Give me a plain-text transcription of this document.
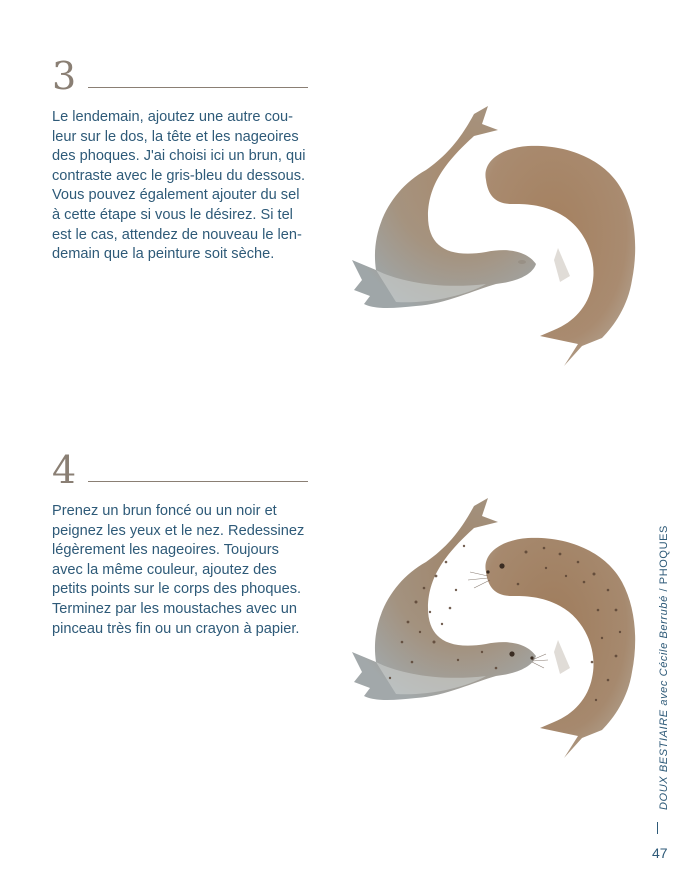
3
Le lendemain, ajoutez une autre cou-
leur sur le dos, la tête et les nageoires
des phoques. J'ai choisi ici un brun, qui
contraste avec le gris-bleu du dessous.
Vous pouvez également ajouter du sel
à cette étape si vous le désirez. Si tel
est le cas, attendez de nouveau le len-
demain que la peinture soit sèche.
4
Prenez un brun foncé ou un noir et
peignez les yeux et le nez. Redessinez
légèrement les nageoires. Toujours
avec la même couleur, ajoutez des
petits points sur le corps des phoques.
Terminez par les moustaches avec un
pinceau très fin ou un crayon à papier.	DOUX BESTIAIRE avec Cécile Berrubé / PHOQUES
47
